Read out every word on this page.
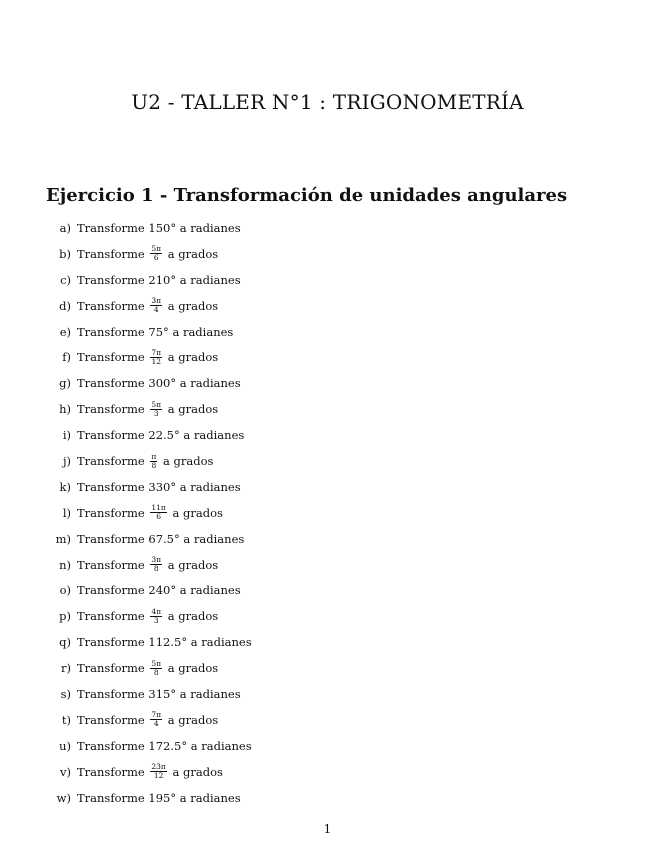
U2 - TALLER N°1 : TRIGONOMETRÍA
Ejercicio 1 - Transformación de unidades angulares
a) Transforme 150° a radianes
b) Transforme $\frac{5\pi}{6}$ a grados
c) Transforme 210° a radianes
d) Transforme $\frac{3\pi}{4}$ a grados
e) Transforme 75° a radianes
f) Transforme $\frac{7\pi}{12}$ a grados
g) Transforme 300° a radianes
h) Transforme $\frac{5\pi}{3}$ a grados
i) Transforme 22.5° a radianes
j) Transforme $\frac{\pi}{8}$ a grados
k) Transforme 330° a radianes
l) Transforme $\frac{11\pi}{6}$ a grados
m) Transforme 67.5° a radianes
n) Transforme $\frac{3\pi}{8}$ a grados
o) Transforme 240° a radianes
p) Transforme $\frac{4\pi}{3}$ a grados
q) Transforme 112.5° a radianes
r) Transforme $\frac{5\pi}{8}$ a grados
s) Transforme 315° a radianes
t) Transforme $\frac{7\pi}{4}$ a grados
u) Transforme 172.5° a radianes
v) Transforme $\frac{23\pi}{12}$ a grados
w) Transforme 195° a radianes
1
